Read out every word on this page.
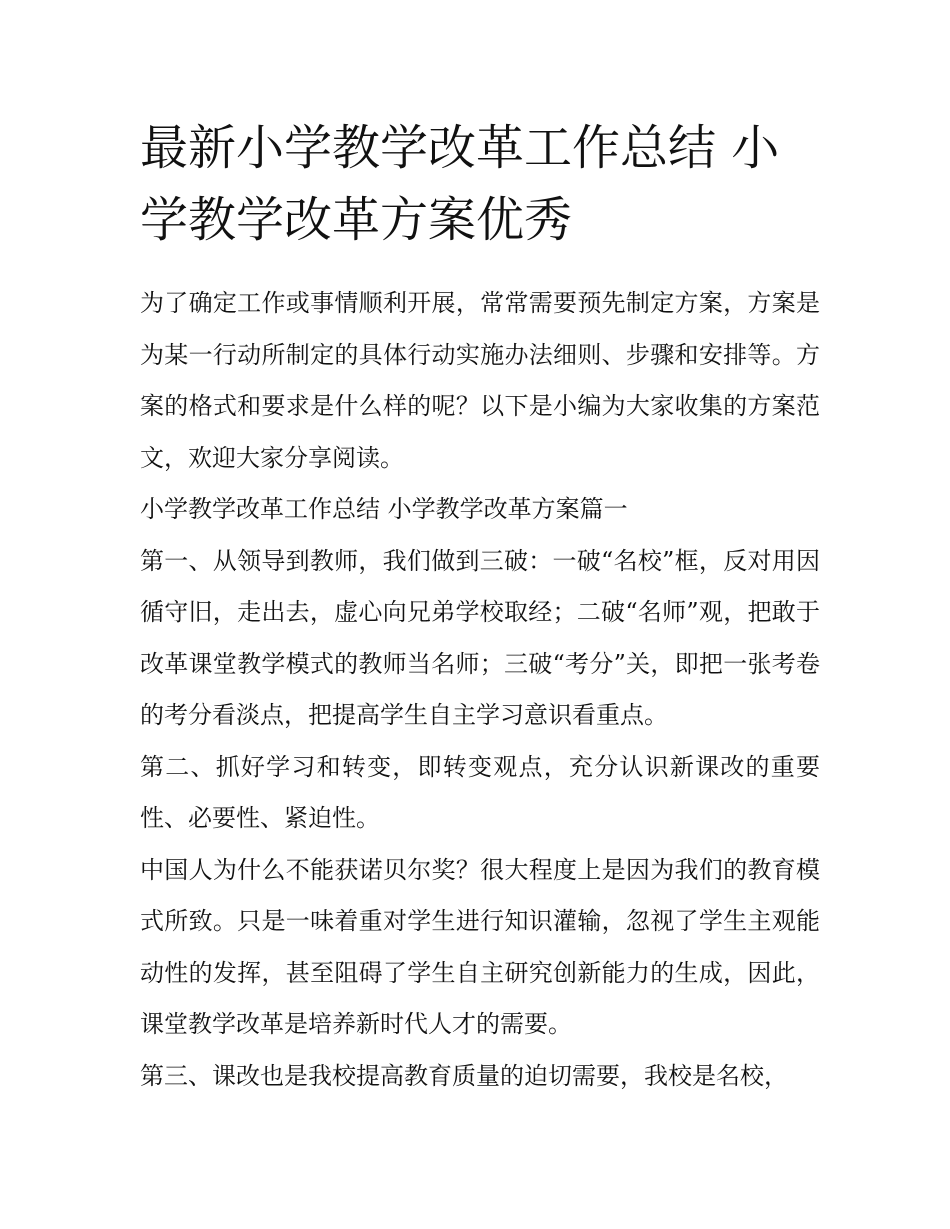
最新小学教学改革工作总结 小学教学改革方案优秀

为了确定工作或事情顺利开展，常常需要预先制定方案，方案是为某一行动所制定的具体行动实施办法细则、步骤和安排等。方案的格式和要求是什么样的呢？以下是小编为大家收集的方案范文，欢迎大家分享阅读。

小学教学改革工作总结 小学教学改革方案篇一

第一、从领导到教师，我们做到三破：一破“名校”框，反对用因循守旧，走出去，虚心向兄弟学校取经；二破“名师”观，把敢于改革课堂教学模式的教师当名师；三破“考分”关，即把一张考卷的考分看淡点，把提高学生自主学习意识看重点。

第二、抓好学习和转变，即转变观点，充分认识新课改的重要性、必要性、紧迫性。

中国人为什么不能获诺贝尔奖？很大程度上是因为我们的教育模式所致。只是一味着重对学生进行知识灌输，忽视了学生主观能动性的发挥，甚至阻碍了学生自主研究创新能力的生成，因此，课堂教学改革是培养新时代人才的需要。

第三、课改也是我校提高教育质量的迫切需要，我校是名校，
